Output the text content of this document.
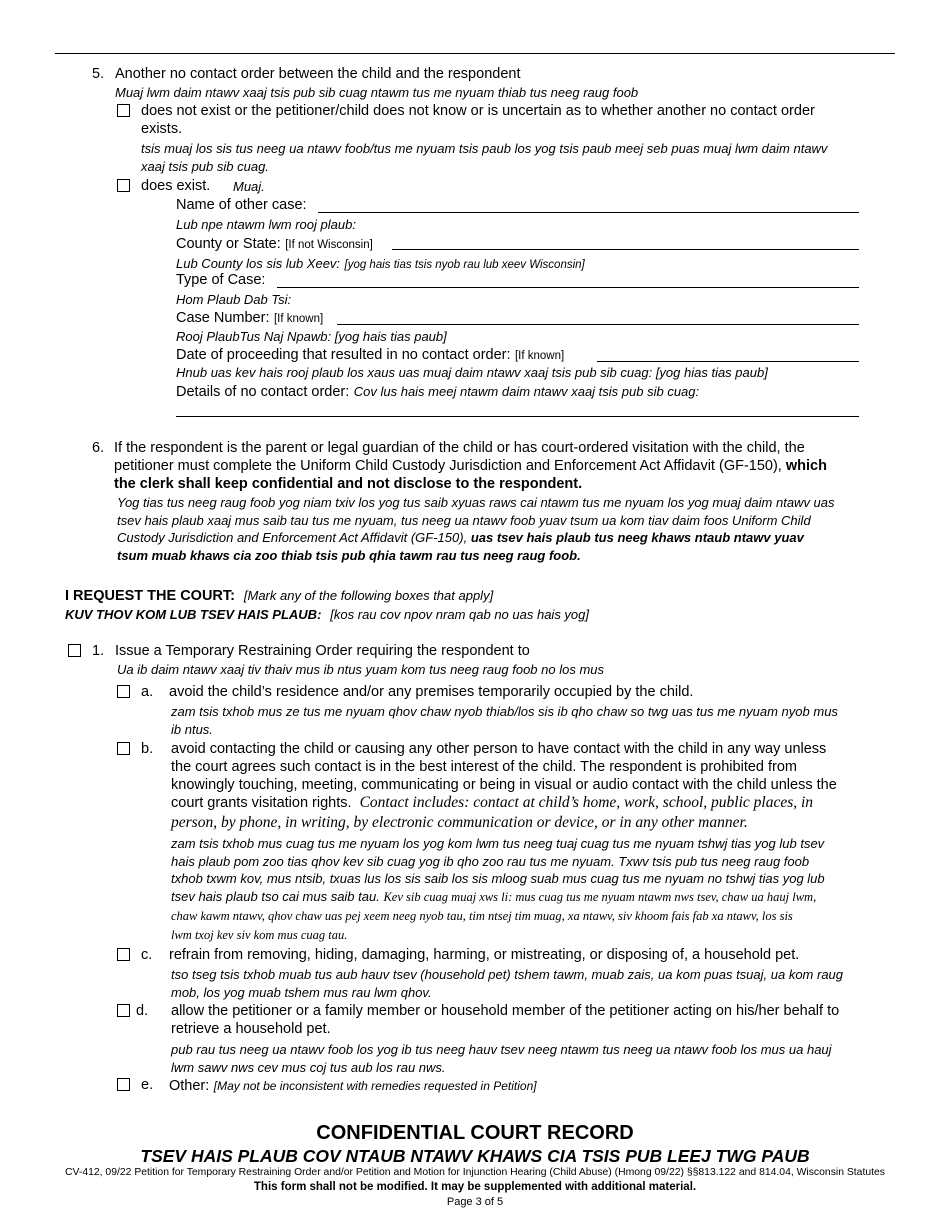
5. Another no contact order between the child and the respondent
Muaj lwm daim ntawv xaaj tsis pub sib cuag ntawm tus me nyuam thiab tus neeg raug foob
does not exist or the petitioner/child does not know or is uncertain as to whether another no contact order
exists.
tsis muaj los sis tus neeg ua ntawv foob/tus me nyuam tsis paub los yog tsis paub meej seb puas muaj lwm daim ntawv
xaaj tsis pub sib cuag.
does exist. Muaj.
Name of other case:
Lub npe ntawm lwm rooj plaub:
County or State: [If not Wisconsin]
Lub County los sis lub Xeev: [yog hais tias tsis nyob rau lub xeev Wisconsin]
Type of Case:
Hom Plaub Dab Tsi:
Case Number: [If known]
Rooj PlaubTus Naj Npawb: [yog hais tias paub]
Date of proceeding that resulted in no contact order: [If known]
Hnub uas kev hais rooj plaub los xaus uas muaj daim ntawv xaaj tsis pub sib cuag: [yog hias tias paub]
Details of no contact order: Cov lus hais meej ntawm daim ntawv xaaj tsis pub sib cuag:
6. If the respondent is the parent or legal guardian of the child or has court-ordered visitation with the child, the
petitioner must complete the Uniform Child Custody Jurisdiction and Enforcement Act Affidavit (GF-150), which
the clerk shall keep confidential and not disclose to the respondent.
Yog tias tus neeg raug foob yog niam txiv los yog tus saib xyuas raws cai ntawm tus me nyuam los yog muaj daim ntawv uas
tsev hais plaub xaaj mus saib tau tus me nyuam, tus neeg ua ntawv foob yuav tsum ua kom tiav daim foos Uniform Child
Custody Jurisdiction and Enforcement Act Affidavit (GF-150), uas tsev hais plaub tus neeg khaws ntaub ntawv yuav
tsum muab khaws cia zoo thiab tsis pub qhia tawm rau tus neeg raug foob.
I REQUEST THE COURT: [Mark any of the following boxes that apply]
KUV THOV KOM LUB TSEV HAIS PLAUB: [kos rau cov npov nram qab no uas hais yog]
1. Issue a Temporary Restraining Order requiring the respondent to
Ua ib daim ntawv xaaj tiv thaiv mus ib ntus yuam kom tus neeg raug foob no los mus
a. avoid the child’s residence and/or any premises temporarily occupied by the child.
zam tsis txhob mus ze tus me nyuam qhov chaw nyob thiab/los sis ib qho chaw so twg uas tus me nyuam nyob mus
ib ntus.
b. avoid contacting the child or causing any other person to have contact with the child in any way unless
the court agrees such contact is in the best interest of the child. The respondent is prohibited from
knowingly touching, meeting, communicating or being in visual or audio contact with the child unless the
court grants visitation rights. Contact includes: contact at child’s home, work, school, public places, in
person, by phone, in writing, by electronic communication or device, or in any other manner.
zam tsis txhob mus cuag tus me nyuam los yog kom lwm tus neeg tuaj cuag tus me nyuam tshwj tias yog lub tsev
hais plaub pom zoo tias qhov kev sib cuag yog ib qho zoo rau tus me nyuam. Txwv tsis pub tus neeg raug foob
txhob txwm kov, mus ntsib, txuas lus los sis saib los sis mloog suab mus cuag tus me nyuam no tshwj tias yog lub
tsev hais plaub tso cai mus saib tau. Kev sib cuag muaj xws li: mus cuag tus me nyuam ntawm nws tsev, chaw ua hauj lwm,
chaw kawm ntawv, qhov chaw uas pej xeem neeg nyob tau, tim ntsej tim muag, xa ntawv, siv khoom fais fab xa ntawv, los sis
lwm txoj kev siv kom mus cuag tau.
c. refrain from removing, hiding, damaging, harming, or mistreating, or disposing of, a household pet.
tso tseg tsis txhob muab tus aub hauv tsev (household pet) tshem tawm, muab zais, ua kom puas tsuaj, ua kom raug
mob, los yog muab tshem mus rau lwm qhov.
d. allow the petitioner or a family member or household member of the petitioner acting on his/her behalf to
retrieve a household pet.
pub rau tus neeg ua ntawv foob los yog ib tus neeg hauv tsev neeg ntawm tus neeg ua ntawv foob los mus ua hauj
lwm sawv nws cev mus coj tus aub los rau nws.
e. Other: [May not be inconsistent with remedies requested in Petition]
CONFIDENTIAL COURT RECORD
TSEV HAIS PLAUB COV NTAUB NTAWV KHAWS CIA TSIS PUB LEEJ TWG PAUB
CV-412, 09/22 Petition for Temporary Restraining Order and/or Petition and Motion for Injunction Hearing (Child Abuse) (Hmong 09/22) §§813.122 and 814.04, Wisconsin Statutes
This form shall not be modified. It may be supplemented with additional material.
Page 3 of 5
